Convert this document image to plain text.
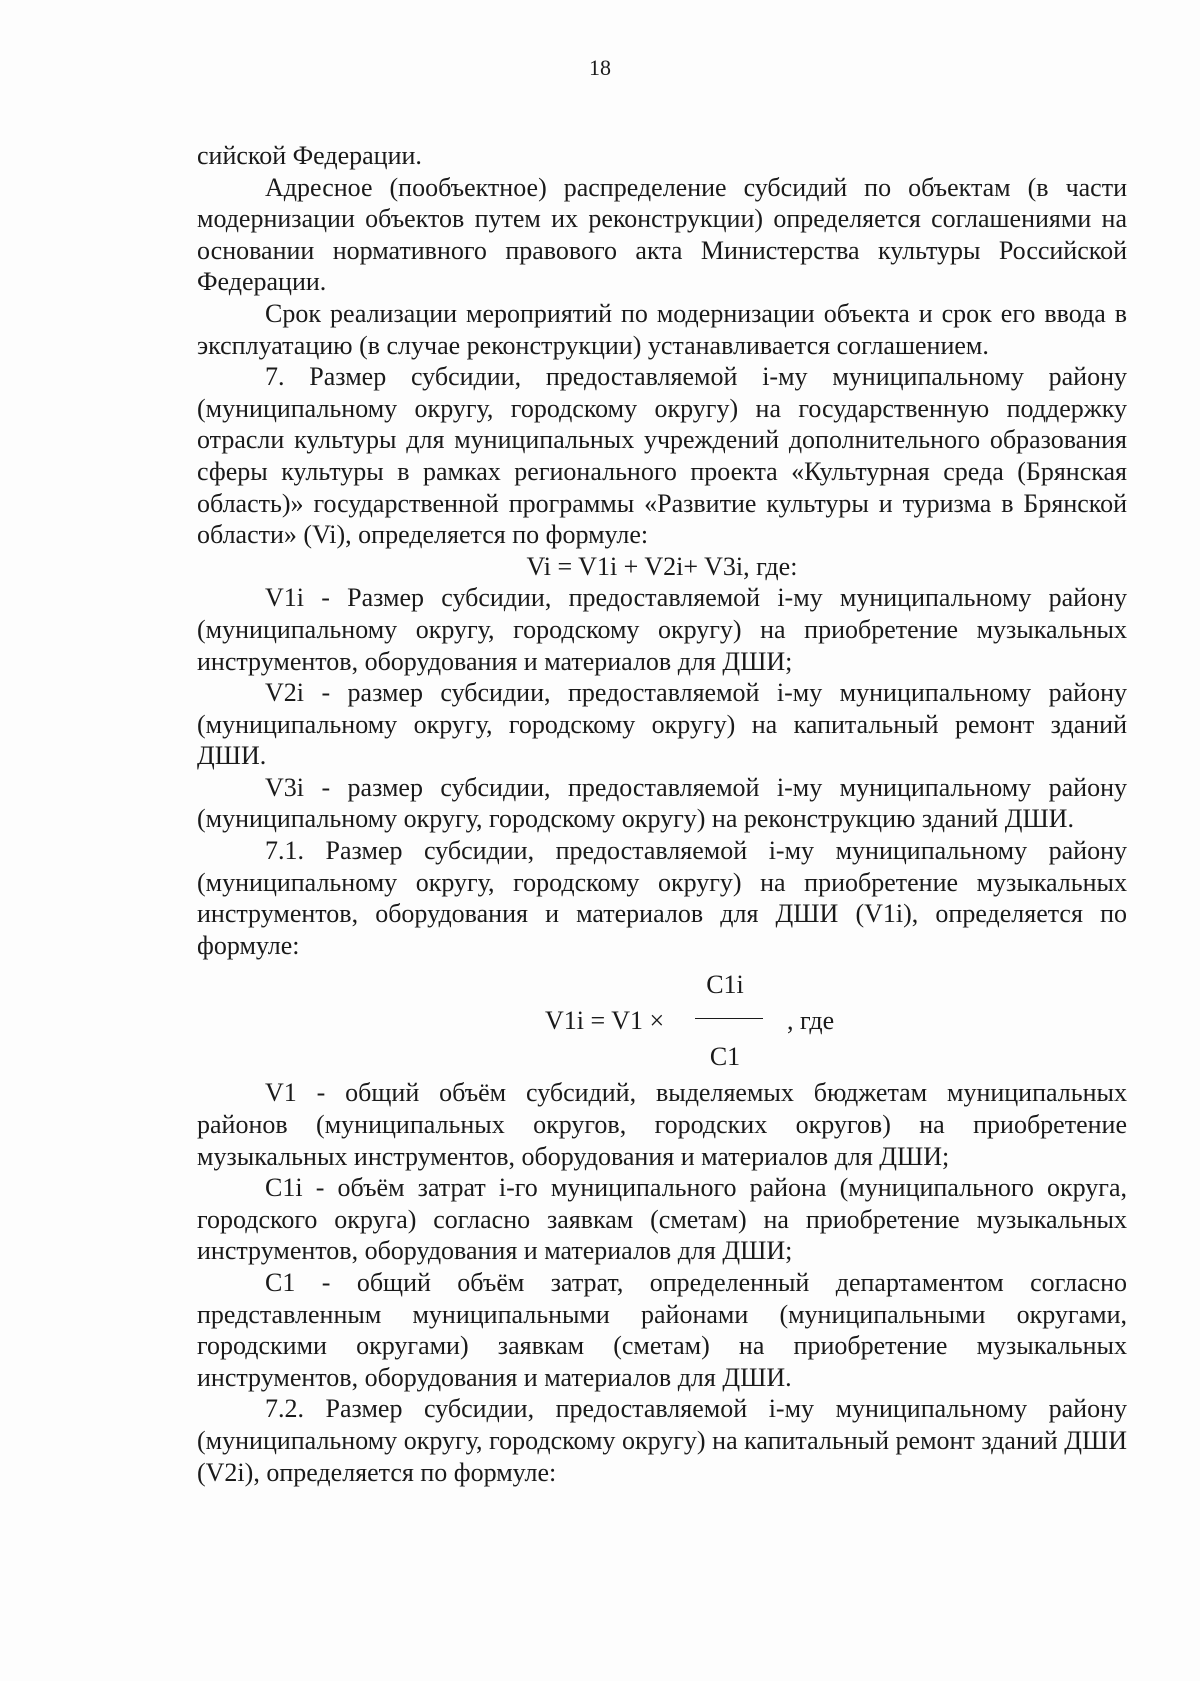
18

сийской Федерации.

Адресное (пообъектное) распределение субсидий по объектам (в части модернизации объектов путем их реконструкции) определяется соглашениями на основании нормативного правового акта Министерства культуры Российской Федерации.

Срок реализации мероприятий по модернизации объекта и срок его ввода в эксплуатацию (в случае реконструкции) устанавливается соглашением.

7. Размер субсидии, предоставляемой i-му муниципальному району (муниципальному округу, городскому округу) на государственную поддержку отрасли культуры для муниципальных учреждений дополнительного образования сферы культуры в рамках регионального проекта «Культурная среда (Брянская область)» государственной программы «Развитие культуры и туризма в Брянской области» (Vi), определяется по формуле:

Vi = V1i + V2i+ V3i, где:

V1i - Размер субсидии, предоставляемой i-му муниципальному району (муниципальному округу, городскому округу) на приобретение музыкальных инструментов, оборудования и материалов для ДШИ;

V2i - размер субсидии, предоставляемой i-му муниципальному району (муниципальному округу, городскому округу) на капитальный ремонт зданий ДШИ.

V3i - размер субсидии, предоставляемой i-му муниципальному району (муниципальному округу, городскому округу) на реконструкцию зданий ДШИ.

7.1. Размер субсидии, предоставляемой i-му муниципальному району (муниципальному округу, городскому округу) на приобретение музыкальных инструментов, оборудования и материалов для ДШИ (V1i), определяется по формуле:

V1i = V1 ×
C1i
C1
, где

V1 - общий объём субсидий, выделяемых бюджетам муниципальных районов (муниципальных округов, городских округов) на приобретение музыкальных инструментов, оборудования и материалов для ДШИ;

C1i - объём затрат i-го муниципального района (муниципального округа, городского округа) согласно заявкам (сметам) на приобретение музыкальных инструментов, оборудования и материалов для ДШИ;

C1 - общий объём затрат, определенный департаментом согласно представленным муниципальными районами (муниципальными округами, городскими округами) заявкам (сметам) на приобретение музыкальных инструментов, оборудования и материалов для ДШИ.

7.2. Размер субсидии, предоставляемой i-му муниципальному району (муниципальному округу, городскому округу) на капитальный ремонт зданий ДШИ (V2i), определяется по формуле:
